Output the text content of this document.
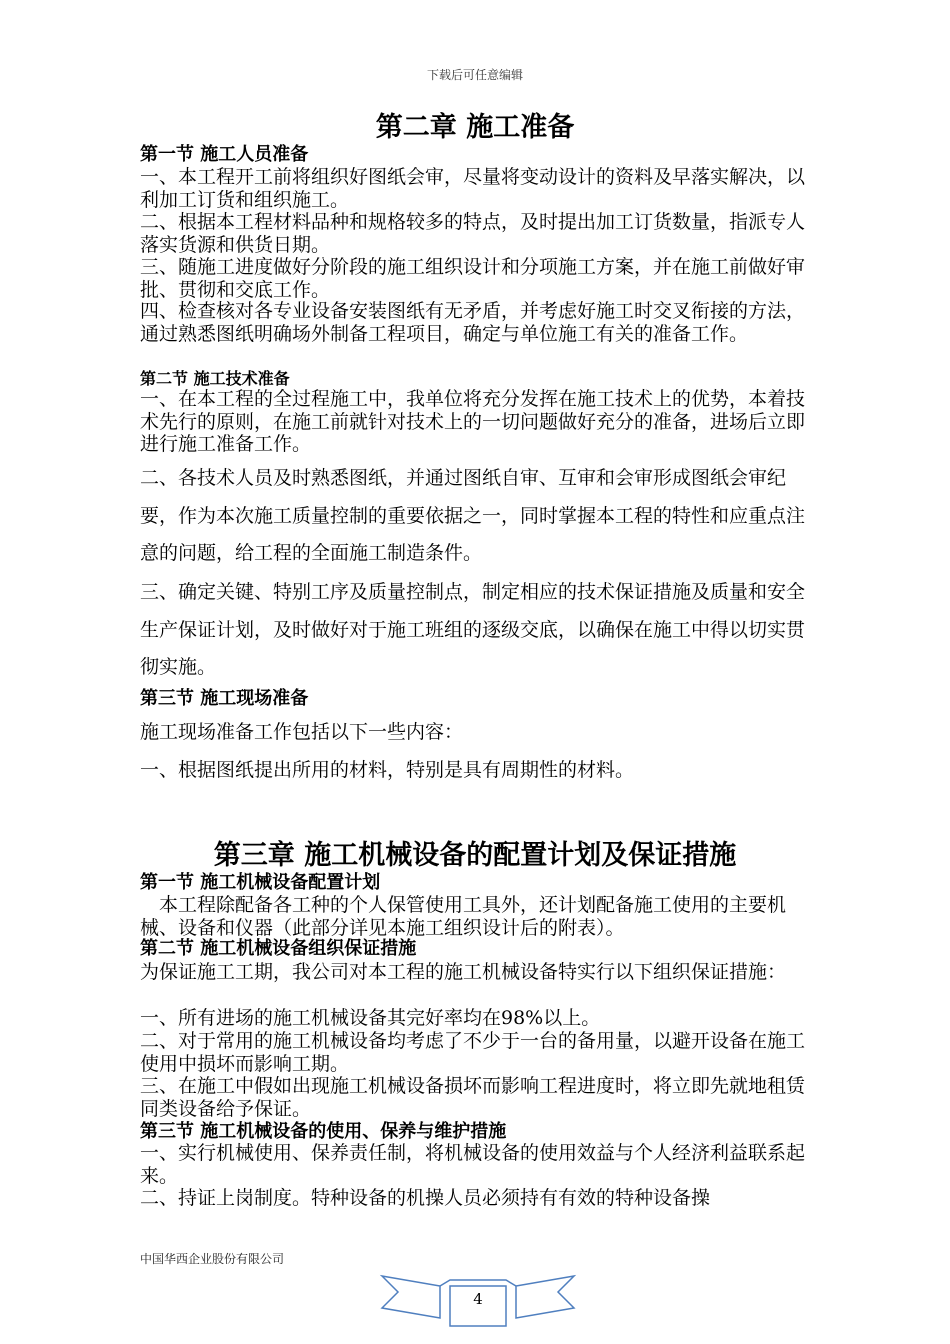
下载后可任意编辑
第二章 施工准备
第一节 施工人员准备

一、本工程开工前将组织好图纸会审，尽量将变动设计的资料及早落实解决，以利加工订货和组织施工。

二、根据本工程材料品种和规格较多的特点，及时提出加工订货数量，指派专人落实货源和供货日期。

三、随施工进度做好分阶段的施工组织设计和分项施工方案，并在施工前做好审批、贯彻和交底工作。

四、检查核对各专业设备安装图纸有无矛盾，并考虑好施工时交叉衔接的方法，通过熟悉图纸明确场外制备工程项目，确定与单位施工有关的准备工作。

第二节 施工技术准备

一、在本工程的全过程施工中，我单位将充分发挥在施工技术上的优势，本着技术先行的原则，在施工前就针对技术上的一切问题做好充分的准备，进场后立即进行施工准备工作。

二、各技术人员及时熟悉图纸，并通过图纸自审、互审和会审形成图纸会审纪要，作为本次施工质量控制的重要依据之一，同时掌握本工程的特性和应重点注意的问题，给工程的全面施工制造条件。

三、确定关键、特别工序及质量控制点，制定相应的技术保证措施及质量和安全生产保证计划，及时做好对于施工班组的逐级交底，以确保在施工中得以切实贯彻实施。

第三节 施工现场准备

施工现场准备工作包括以下一些内容：

一、根据图纸提出所用的材料，特别是具有周期性的材料。

第三章 施工机械设备的配置计划及保证措施
第一节 施工机械设备配置计划

本工程除配备各工种的个人保管使用工具外，还计划配备施工使用的主要机械、设备和仪器（此部分详见本施工组织设计后的附表）。

第二节 施工机械设备组织保证措施

为保证施工工期，我公司对本工程的施工机械设备特实行以下组织保证措施：

一、所有进场的施工机械设备其完好率均在98%以上。

二、对于常用的施工机械设备均考虑了不少于一台的备用量，以避开设备在施工使用中损坏而影响工期。

三、在施工中假如出现施工机械设备损坏而影响工程进度时，将立即先就地租赁同类设备给予保证。

第三节 施工机械设备的使用、保养与维护措施

一、实行机械使用、保养责任制，将机械设备的使用效益与个人经济利益联系起来。

二、持证上岗制度。特种设备的机操人员必须持有有效的特种设备操

中国华西企业股份有限公司
4
